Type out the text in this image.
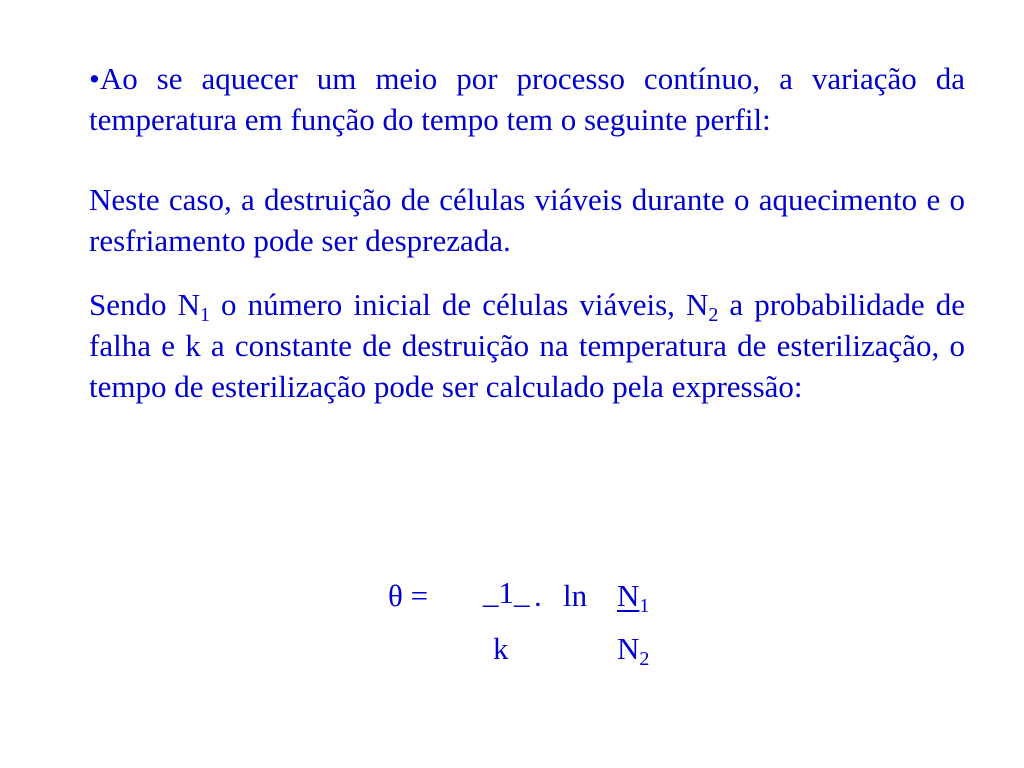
•Ao se aquecer um meio por processo contínuo, a variação da temperatura em função do tempo tem o seguinte perfil:

Neste caso, a destruição de células viáveis durante o aquecimento e o resfriamento pode ser desprezada.

Sendo $N_1$ o número inicial de células viáveis, $N_2$ a probabilidade de falha e k a constante de destruição na temperatura de esterilização, o tempo de esterilização pode ser calculado pela expressão:

θ = _1_ . $\ln N_1$
k	$N_2$
